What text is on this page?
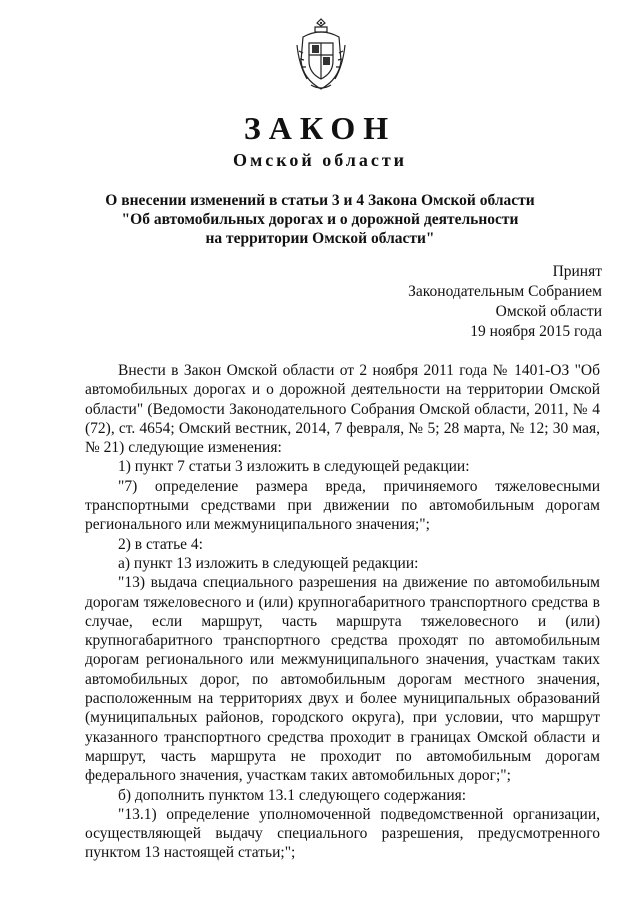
ЗАКОН
Омской области
О внесении изменений в статьи 3 и 4 Закона Омской области
"Об автомобильных дорогах и о дорожной деятельности
на территории Омской области"
Принят
Законодательным Собранием
Омской области
19 ноября 2015 года

Внести в Закон Омской области от 2 ноября 2011 года № 1401-ОЗ "Об автомобильных дорогах и о дорожной деятельности на территории Омской области" (Ведомости Законодательного Собрания Омской области, 2011, № 4 (72), ст. 4654; Омский вестник, 2014, 7 февраля, № 5; 28 марта, № 12; 30 мая, № 21) следующие изменения:

1) пункт 7 статьи 3 изложить в следующей редакции:

"7) определение размера вреда, причиняемого тяжеловесными транспортными средствами при движении по автомобильным дорогам регионального или межмуниципального значения;";

2) в статье 4:

а) пункт 13 изложить в следующей редакции:

"13) выдача специального разрешения на движение по автомобильным дорогам тяжеловесного и (или) крупногабаритного транспортного средства в случае, если маршрут, часть маршрута тяжеловесного и (или) крупногабаритного транспортного средства проходят по автомобильным дорогам регионального или межмуниципального значения, участкам таких автомобильных дорог, по автомобильным дорогам местного значения, расположенным на территориях двух и более муниципальных образований (муниципальных районов, городского округа), при условии, что маршрут указанного транспортного средства проходит в границах Омской области и маршрут, часть маршрута не проходит по автомобильным дорогам федерального значения, участкам таких автомобильных дорог;";

б) дополнить пунктом 13.1 следующего содержания:

"13.1) определение уполномоченной подведомственной организации, осуществляющей выдачу специального разрешения, предусмотренного пунктом 13 настоящей статьи;";
